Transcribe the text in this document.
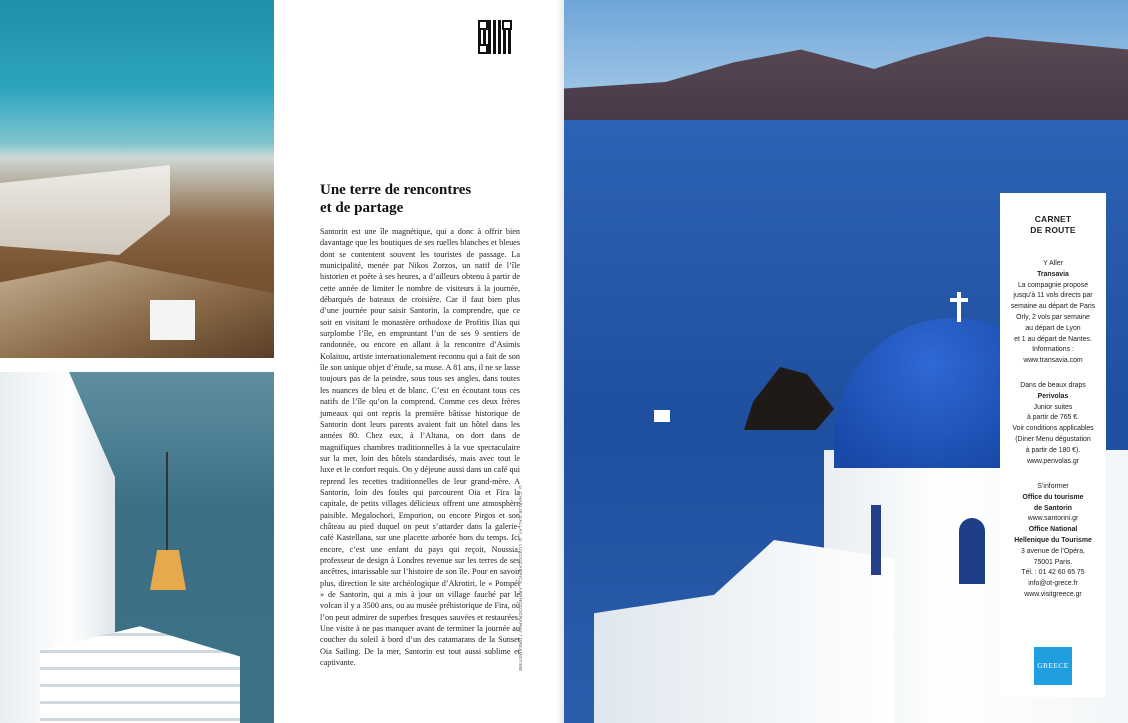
Une terre de rencontres
et de partage
Santorin est une île magnétique, qui a donc à offrir bien davantage que les boutiques de ses ruelles blanches et bleues dont se contentent souvent les touristes de passage. La municipalité, menée par Nikos Zorzos, un natif de l’île historien et poète à ses heures, a d’ailleurs obtenu à partir de cette année de limiter le nombre de visiteurs à la journée, débarqués de bateaux de croisière. Car il faut bien plus d’une journée pour saisir Santorin, la comprendre, que ce soit en visitant le monastère orthodoxe de Profitis Ilias qui surplombe l’île, en empruntant l’un de ses 9 sentiers de randonnée, ou encore en allant à la rencontre d’Asimis Kolaitou, artiste internationalement reconnu qui a fait de son île son unique objet d’étude, sa muse. A 81 ans, il ne se lasse toujours pas de la peindre, sous tous ses angles, dans toutes les nuances de bleu et de blanc. C’est en écoutant tous ces natifs de l’île qu’on la comprend. Comme ces deux frères jumeaux qui ont repris la première bâtisse historique de Santorin dont leurs parents avaient fait un hôtel dans les années 80. Chez eux, à l’Altana, on dort dans de magnifiques chambres traditionnelles à la vue spectaculaire sur la mer, loin des hôtels standardisés, mais avec tout le luxe et le confort requis. On y déjeune aussi dans un café qui reprend les recettes traditionnelles de leur grand-mère. A Santorin, loin des foules qui parcourent Oia et Fira la capitale, de petits villages délicieux offrent une atmosphère paisible. Megalochori, Emporion, ou encore Pirgos et son château au pied duquel on peut s’attarder dans la galerie-café Kastellana, sur une placette arborée hors du temps. Ici encore, c’est une enfant du pays qui reçoit, Noussia, professeur de design à Londres revenue sur les terres de ses ancêtres, intarissable sur l’histoire de son île. Pour en savoir plus, direction le site archéologique d’Akrotiri, le « Pompéi » de Santorin, qui a mis à jour un village fauché par le volcan il y a 3500 ans, ou au musée préhistorique de Fira, où l’on peut admirer de superbes fresques sauvées et restaurées. Une visite à ne pas manquer avant de terminer la journée au coucher du soleil à bord d’un des catamarans de la Sunset Oia Sailing. De la mer, Santorin est tout aussi sublime et captivante.	© CHARLIE GALLAY, © LUXOOCARPICA, ARPHOTOGRAPHY / DREAMSTIME
CARNET
DE ROUTE
Y Aller
Transavia
La compagnie propose
jusqu’à 11 vols directs par
semaine au départ de Paris
Orly, 2 vols par semaine
au départ de Lyon
et 1 au départ de Nantes.
Informations :
www.transavia.com
Dans de beaux draps
Perivolas
Junior suites
à partir de 765 €.
Voir conditions applicables
(Diner Menu dégustation
à partir de 180 €).
www.perivolas.gr
S’informer
Office du tourisme
de Santorin
www.santorini.gr
Office National
Hellenique du Tourisme
3 avenue de l’Opéra,
75001 Paris.
Tél. : 01 42 60 65 75
info@ot-grece.fr
www.visitgreece.gr
GREECE
